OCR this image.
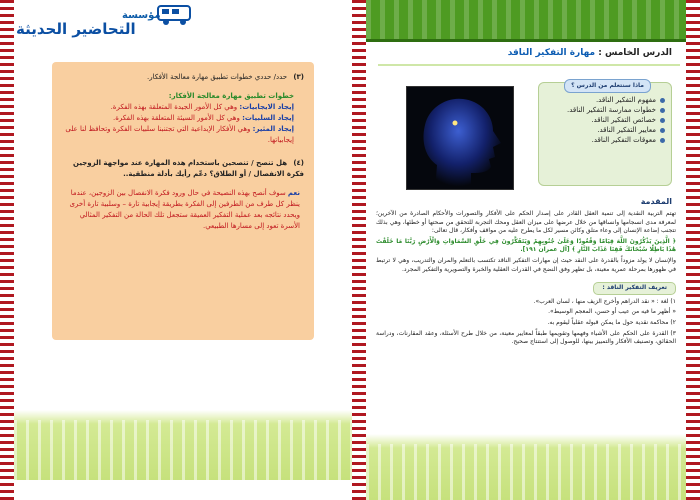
مؤسسة
التحاضير الحديثة
(٣) حدد/ حددي خطوات تطبيق مهارة معالجة الأفكار.
خطوات تطبيق مهارة معالجة الأفكار:
إيجاد الايجابيات: وهي كل الأمور الجيدة المتعلقة بهذه الفكرة.
إيجاد السلبيات: وهي كل الأمور السيئة المتعلقة بهذه الفكرة.
إيجاد المثير: وهي الأفكار الإبداعية التي تجتنبنا سلبيات الفكرة وتحافظ لنا على إيجابياتها.
(٤) هل تنصح / تنصحين باستخدام هذه المهارة عند مواجهة الزوجين فكرة الانفصال / أو الطلاق؟ دعّم رأيك بأدلة منطقية..
نعم سوف أنصح بهذه النصيحة في حال ورود فكرة الانفصال بين الزوجين، عندما ينظر كل طرف من الطرفين إلى الفكرة بطريقة إيجابية تارة – وسلبية تارة أخرى ويحدد نتائجه بعد عملية التفكير العميقة ستجعل تلك الحالة من التفكير المثالي الأسرة تعود إلى مسارها الطبيعي.
الدرس الخامس : مهارة التفكير الناقد
ماذا سنتعلم من الدرس ؟
مفهوم التفكير الناقد.
خطوات ممارسة التفكير الناقد.
خصائص التفكير الناقد.
معايير التفكير الناقد.
معوقات التفكير الناقد.
المقدمة

تهتم التربية النقدية إلى تنمية العقل القادر على إصدار الحكم على الأفكار والتصورات والأحكام الصادرة من الآخرين؛ لمعرفة مدى انسجامها وانساقها من خلال عرضها على ميزان العقل ومحك التجربة للتحقق من صحتها أو خطئها، وهي بذلك تتجنب إضاعة الإنسان إلى وعاء متلق وكائن مسير لكل ما يطرح عليه من مواقف وأفكار، قال تعالى:

﴿ الَّذِينَ يَذْكُرُونَ اللَّهَ قِيَامًا وَقُعُودًا وَعَلَىٰ جُنُوبِهِمْ وَيَتَفَكَّرُونَ فِي خَلْقِ السَّمَاوَاتِ وَالْأَرْضِ رَبَّنَا مَا خَلَقْتَ هَٰذَا بَاطِلًا سُبْحَانَكَ فَقِنَا عَذَابَ النَّارِ ﴾ [آل عمران ١٩١].

والإنسان لا يولد مزوداً بالقدرة على النقد حيث إن مهارات التفكير الناقد تكتسب بالتعلم والمران والتدريب، وهي لا ترتبط في ظهورها بمرحلة عمرية معينة، بل تظهر وفق النضج في القدرات العقلية والخبرة والتصويرية والتفكير المجرد.

تعريف التفكير الناقد :

١) لغة : « نقد الدراهم وأخرج الزيف منها ، لسان العرب».

« أظهر ما فيه من عيب أو حسن، المعجم الوسيط».

٢) محاكمة نقدية حول ما يمكن قبوله عقلياً ليقوم به.

٣) القدرة على الحكم على الأشياء وفهمها وتقويمها طبقاً لمعايير معينة، من خلال طرح الأسئلة، وعقد المقارنات، ودراسة الحقائق، وتصنيف الأفكار والتمييز بينها، للوصول إلى استنتاج صحيح.
